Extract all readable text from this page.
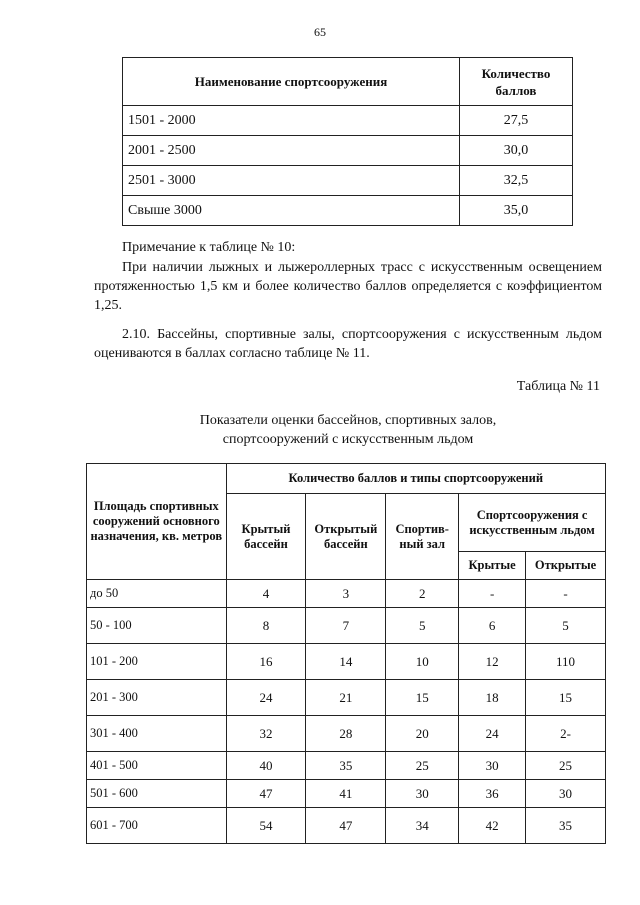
65
Наименование спортсооружения	Количество баллов
1501 - 2000	27,5
2001 - 2500	30,0
2501 - 3000	32,5
Свыше 3000	35,0
Примечание к таблице № 10:
При наличии лыжных и лыжероллерных трасс с искусственным освещением протяженностью 1,5 км и более количество баллов определяется с коэффициентом 1,25.
2.10. Бассейны, спортивные залы, спортсооружения с искусственным льдом оцениваются в баллах согласно таблице № 11.
Таблица № 11
Показатели оценки бассейнов, спортивных залов,
спортсооружений с искусственным льдом
Площадь спортивных сооружений основного назначения, кв. метров	Количество баллов и типы спортсооружений				
	Крытый бассейн	Открытый бассейн	Спортив-ный зал	Спортсооружения с искусственным льдом	
				Крытые	Открытые
до 50	4	3	2	-	-
50 - 100	8	7	5	6	5
101 - 200	16	14	10	12	110
201 - 300	24	21	15	18	15
301 - 400	32	28	20	24	2-
401 - 500	40	35	25	30	25
501 - 600	47	41	30	36	30
601 - 700	54	47	34	42	35
